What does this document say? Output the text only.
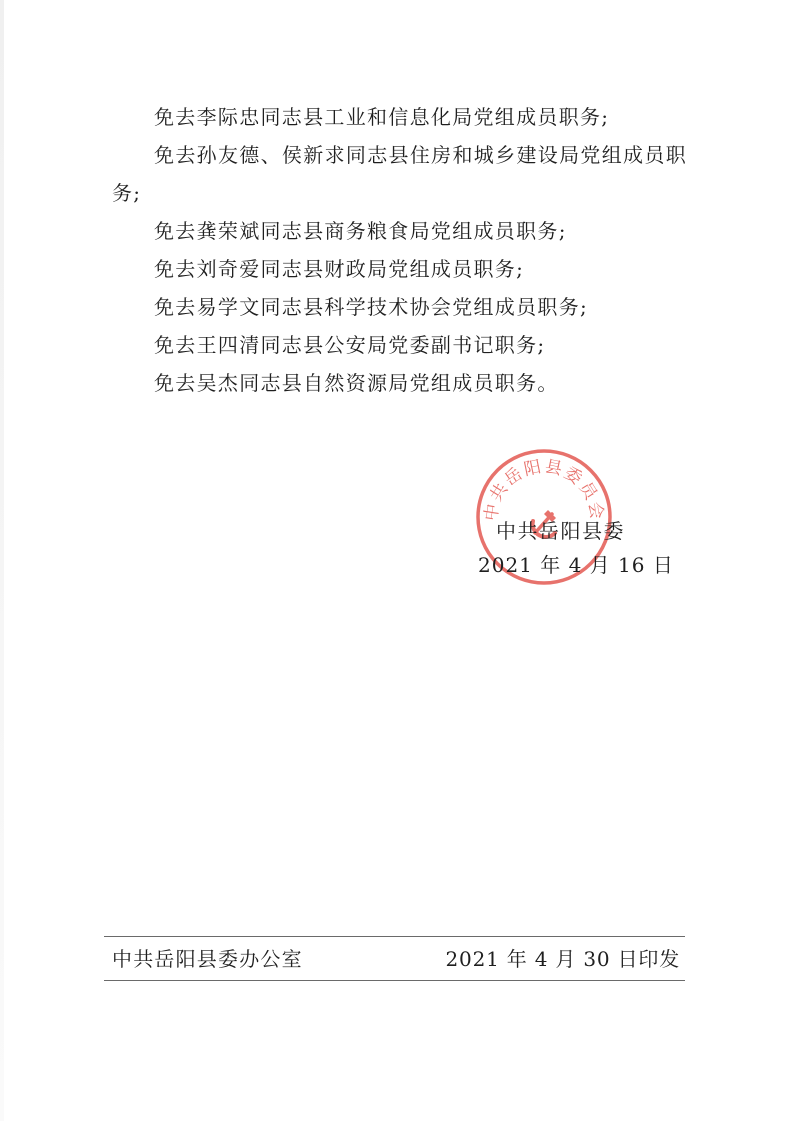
免去李际忠同志县工业和信息化局党组成员职务;

免去孙友德、侯新求同志县住房和城乡建设局党组成员职务;

免去龚荣斌同志县商务粮食局党组成员职务;

免去刘奇爱同志县财政局党组成员职务;

免去易学文同志县科学技术协会党组成员职务;

免去王四清同志县公安局党委副书记职务;

免去吴杰同志县自然资源局党组成员职务。

中共岳阳县委员会
中共岳阳县委
2021 年 4 月 16 日
中共岳阳县委办公室	2021 年 4 月 30 日印发
